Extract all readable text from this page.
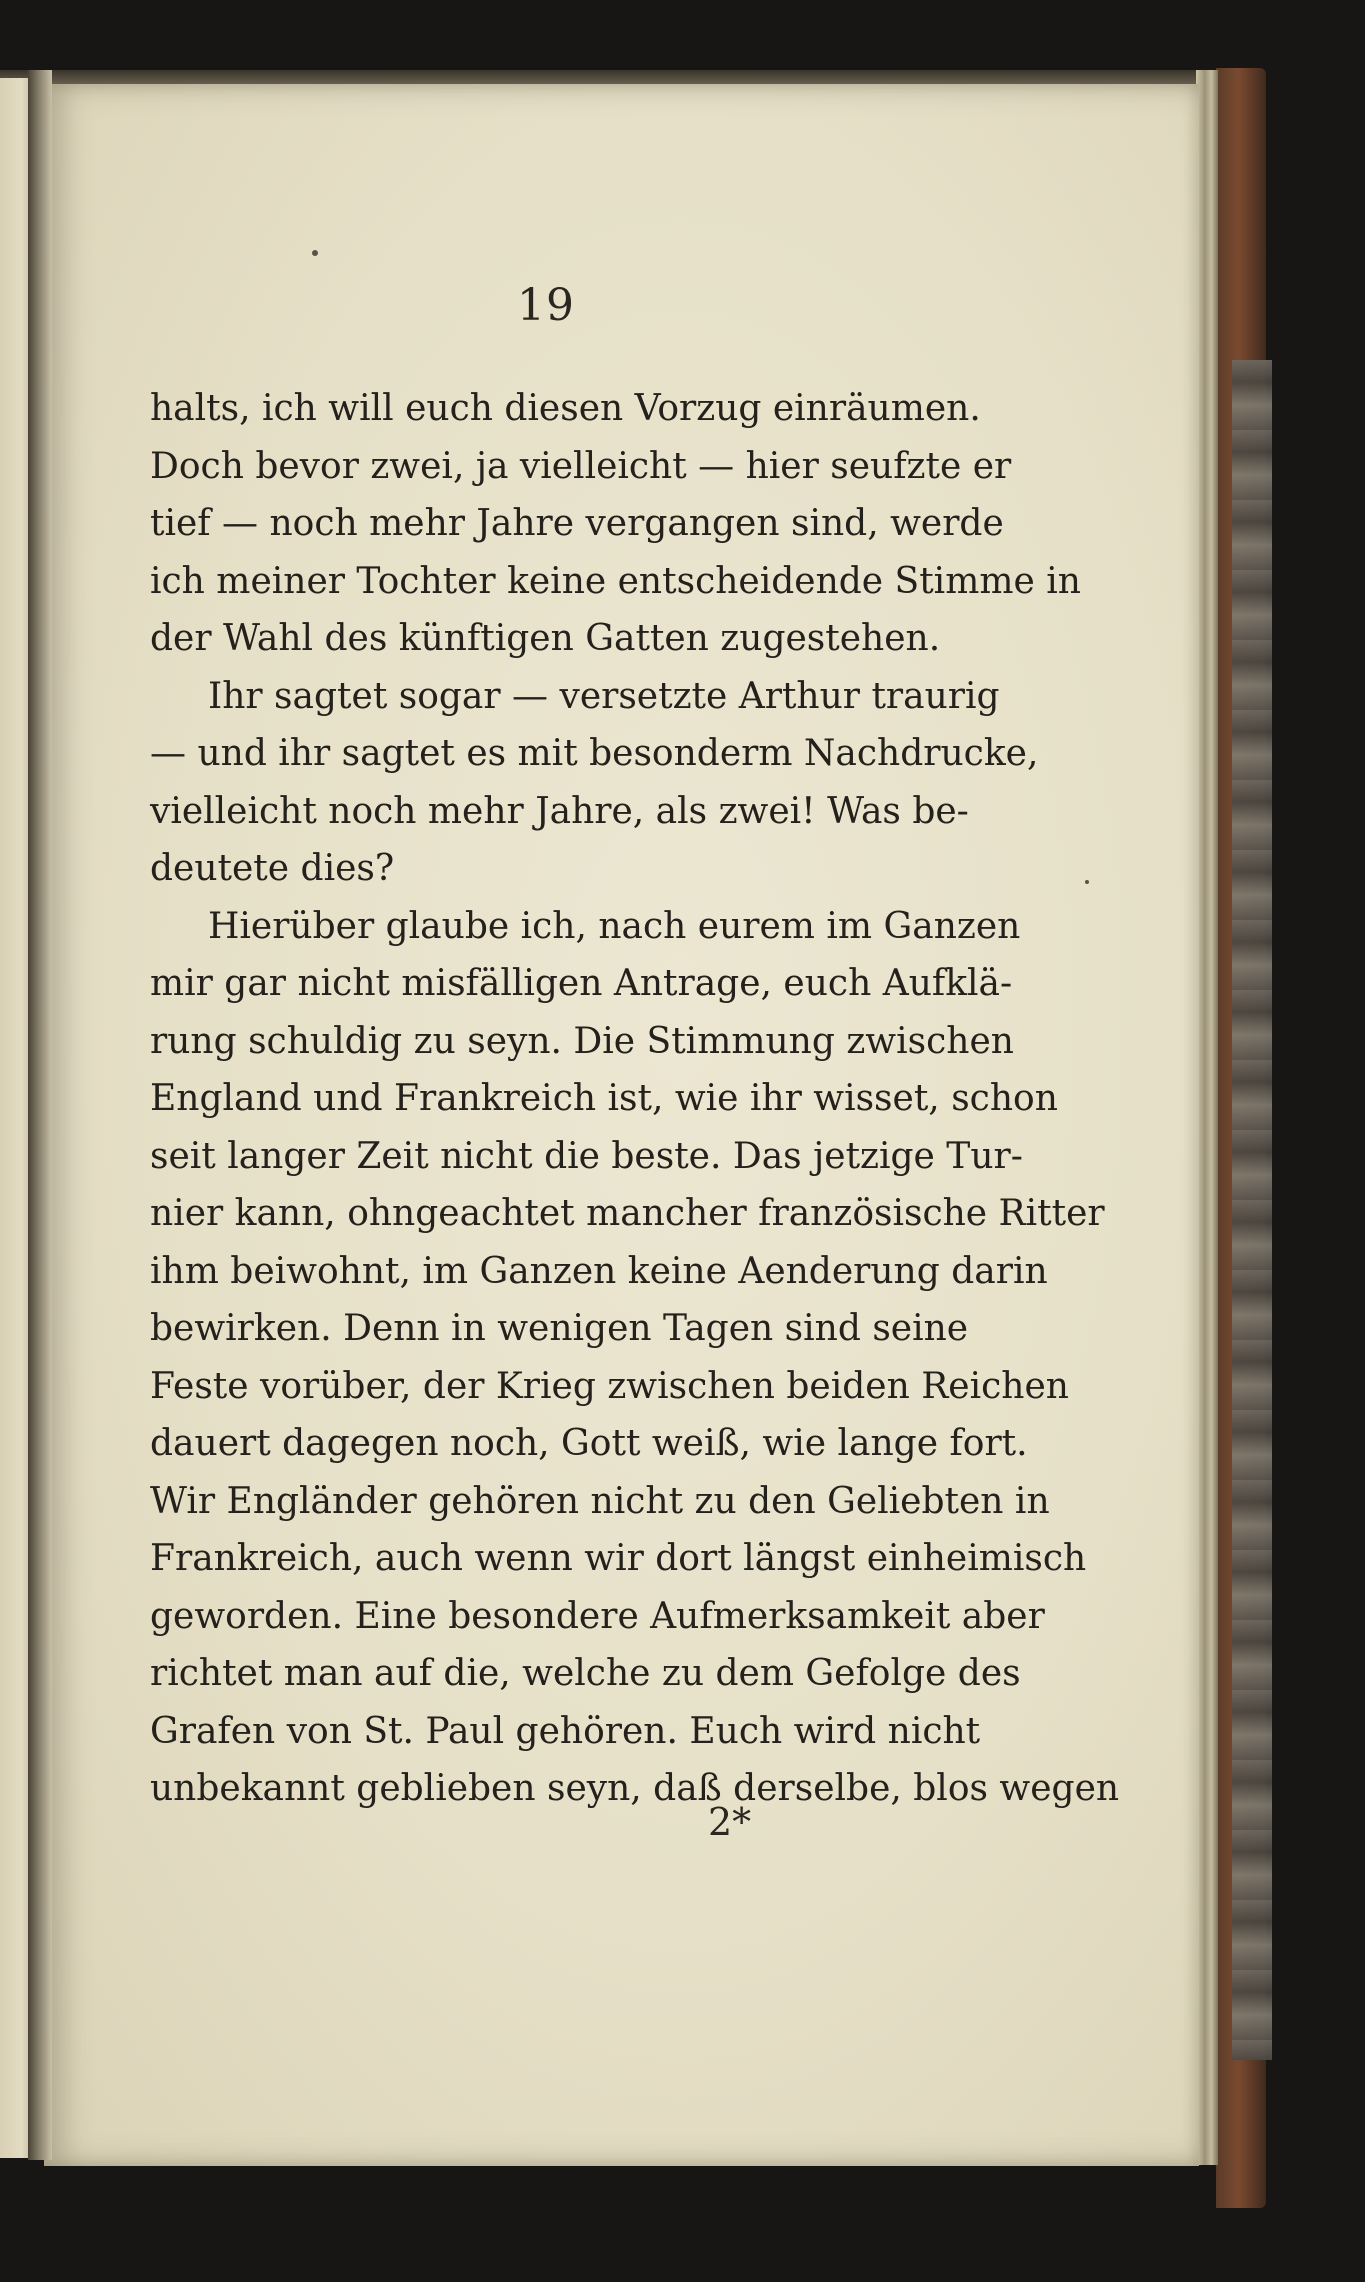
19
halts, ich will euch diesen Vorzug einräumen.
Doch bevor zwei, ja vielleicht — hier seufzte er
tief — noch mehr Jahre vergangen sind, werde
ich meiner Tochter keine entscheidende Stimme in
der Wahl des künftigen Gatten zugestehen.
Ihr sagtet sogar — versetzte Arthur traurig
— und ihr sagtet es mit besonderm Nachdrucke,
vielleicht noch mehr Jahre, als zwei! Was be-
deutete dies?
Hierüber glaube ich, nach eurem im Ganzen
mir gar nicht misfälligen Antrage, euch Aufklä-
rung schuldig zu seyn. Die Stimmung zwischen
England und Frankreich ist, wie ihr wisset, schon
seit langer Zeit nicht die beste. Das jetzige Tur-
nier kann, ohngeachtet mancher französische Ritter
ihm beiwohnt, im Ganzen keine Aenderung darin
bewirken. Denn in wenigen Tagen sind seine
Feste vorüber, der Krieg zwischen beiden Reichen
dauert dagegen noch, Gott weiß, wie lange fort.
Wir Engländer gehören nicht zu den Geliebten in
Frankreich, auch wenn wir dort längst einheimisch
geworden. Eine besondere Aufmerksamkeit aber
richtet man auf die, welche zu dem Gefolge des
Grafen von St. Paul gehören. Euch wird nicht
unbekannt geblieben seyn, daß derselbe, blos wegen
2*
